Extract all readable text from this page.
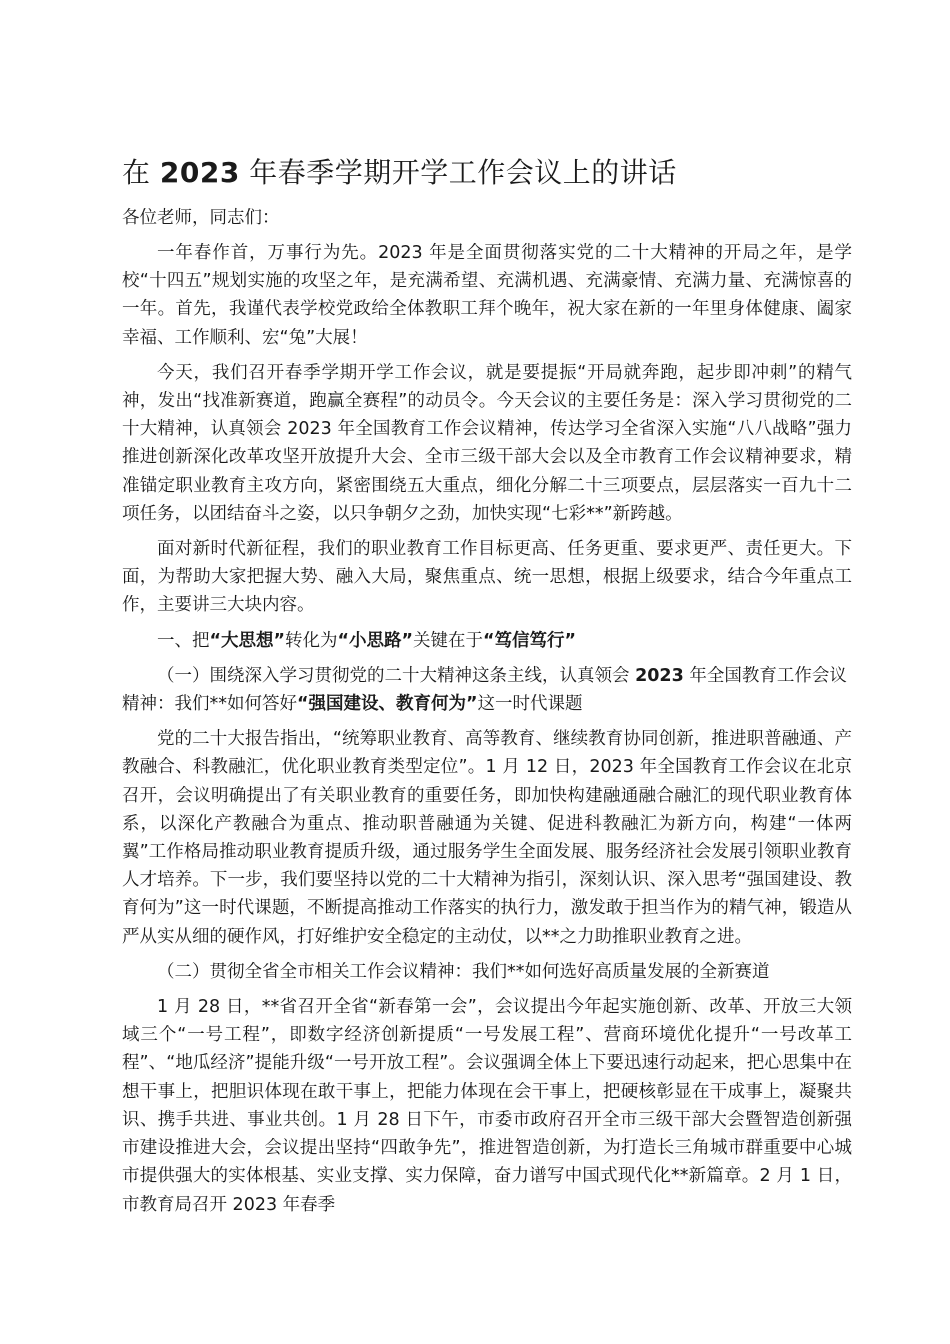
在 2023 年春季学期开学工作会议上的讲话

各位老师，同志们：

一年春作首，万事行为先。2023 年是全面贯彻落实党的二十大精神的开局之年，是学校“十四五”规划实施的攻坚之年，是充满希望、充满机遇、充满豪情、充满力量、充满惊喜的一年。首先，我谨代表学校党政给全体教职工拜个晚年，祝大家在新的一年里身体健康、阖家幸福、工作顺利、宏“兔”大展！

今天，我们召开春季学期开学工作会议，就是要提振“开局就奔跑，起步即冲刺”的精气神，发出“找准新赛道，跑赢全赛程”的动员令。今天会议的主要任务是：深入学习贯彻党的二十大精神，认真领会 2023 年全国教育工作会议精神，传达学习全省深入实施“八八战略”强力推进创新深化改革攻坚开放提升大会、全市三级干部大会以及全市教育工作会议精神要求，精准锚定职业教育主攻方向，紧密围绕五大重点，细化分解二十三项要点，层层落实一百九十二项任务，以团结奋斗之姿，以只争朝夕之劲，加快实现“七彩**”新跨越。

面对新时代新征程，我们的职业教育工作目标更高、任务更重、要求更严、责任更大。下面，为帮助大家把握大势、融入大局，聚焦重点、统一思想，根据上级要求，结合今年重点工作，主要讲三大块内容。

一、把“大思想”转化为“小思路”关键在于“笃信笃行”

（一）围绕深入学习贯彻党的二十大精神这条主线，认真领会 2023 年全国教育工作会议精神：我们**如何答好“强国建设、教育何为”这一时代课题

党的二十大报告指出，“统筹职业教育、高等教育、继续教育协同创新，推进职普融通、产教融合、科教融汇，优化职业教育类型定位”。1 月 12 日，2023 年全国教育工作会议在北京召开，会议明确提出了有关职业教育的重要任务，即加快构建融通融合融汇的现代职业教育体系，以深化产教融合为重点、推动职普融通为关键、促进科教融汇为新方向，构建“一体两翼”工作格局推动职业教育提质升级，通过服务学生全面发展、服务经济社会发展引领职业教育人才培养。下一步，我们要坚持以党的二十大精神为指引，深刻认识、深入思考“强国建设、教育何为”这一时代课题，不断提高推动工作落实的执行力，激发敢于担当作为的精气神，锻造从严从实从细的硬作风，打好维护安全稳定的主动仗，以**之力助推职业教育之进。

（二）贯彻全省全市相关工作会议精神：我们**如何选好高质量发展的全新赛道

1 月 28 日，**省召开全省“新春第一会”，会议提出今年起实施创新、改革、开放三大领域三个“一号工程”，即数字经济创新提质“一号发展工程”、营商环境优化提升“一号改革工程”、“地瓜经济”提能升级“一号开放工程”。会议强调全体上下要迅速行动起来，把心思集中在想干事上，把胆识体现在敢干事上，把能力体现在会干事上，把硬核彰显在干成事上，凝聚共识、携手共进、事业共创。1 月 28 日下午，市委市政府召开全市三级干部大会暨智造创新强市建设推进大会，会议提出坚持“四敢争先”，推进智造创新，为打造长三角城市群重要中心城市提供强大的实体根基、实业支撑、实力保障，奋力谱写中国式现代化**新篇章。2 月 1 日，市教育局召开 2023 年春季
